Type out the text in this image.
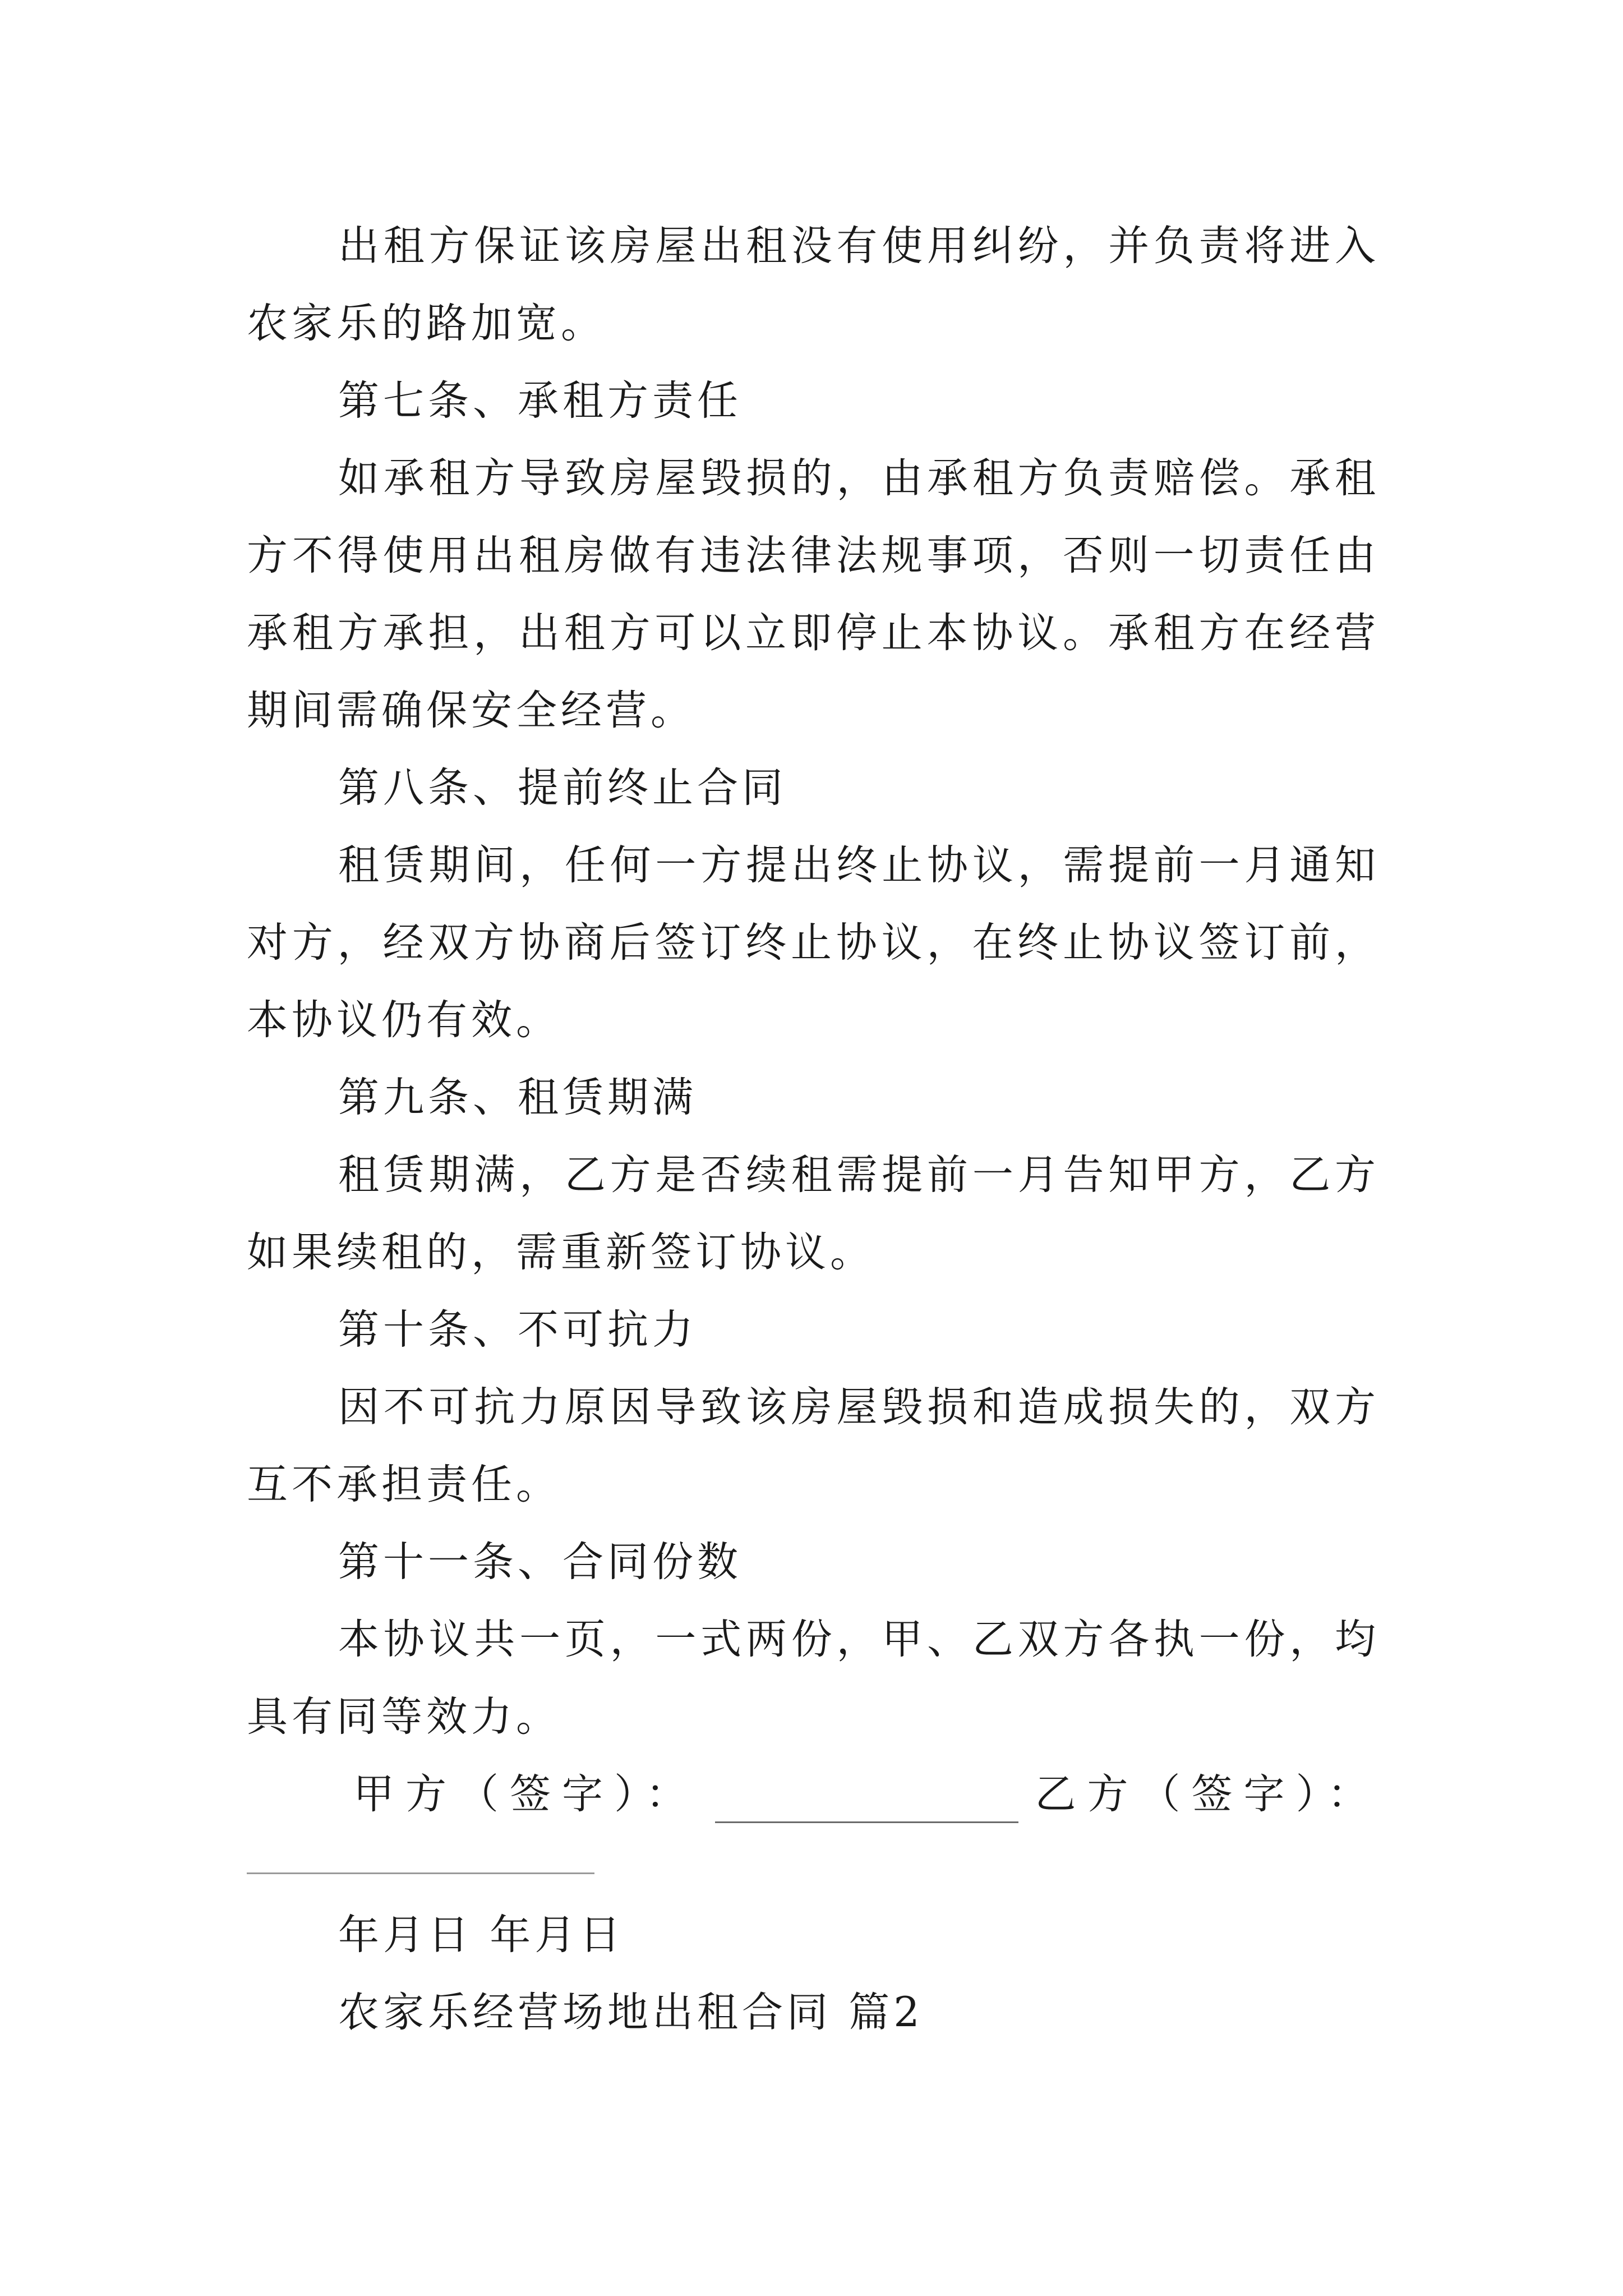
出租方保证该房屋出租没有使用纠纷，并负责将进入农家乐的路加宽。

第七条、承租方责任

如承租方导致房屋毁损的，由承租方负责赔偿。承租方不得使用出租房做有违法律法规事项，否则一切责任由承租方承担，出租方可以立即停止本协议。承租方在经营期间需确保安全经营。

第八条、提前终止合同

租赁期间，任何一方提出终止协议，需提前一月通知对方，经双方协商后签订终止协议，在终止协议签订前，本协议仍有效。

第九条、租赁期满

租赁期满，乙方是否续租需提前一月告知甲方，乙方如果续租的，需重新签订协议。

第十条、不可抗力

因不可抗力原因导致该房屋毁损和造成损失的，双方互不承担责任。

第十一条、合同份数

本协议共一页，一式两份，甲、乙双方各执一份，均具有同等效力。

甲方（签字）：	乙方（签字）：

年月日 年月日

农家乐经营场地出租合同 篇2
